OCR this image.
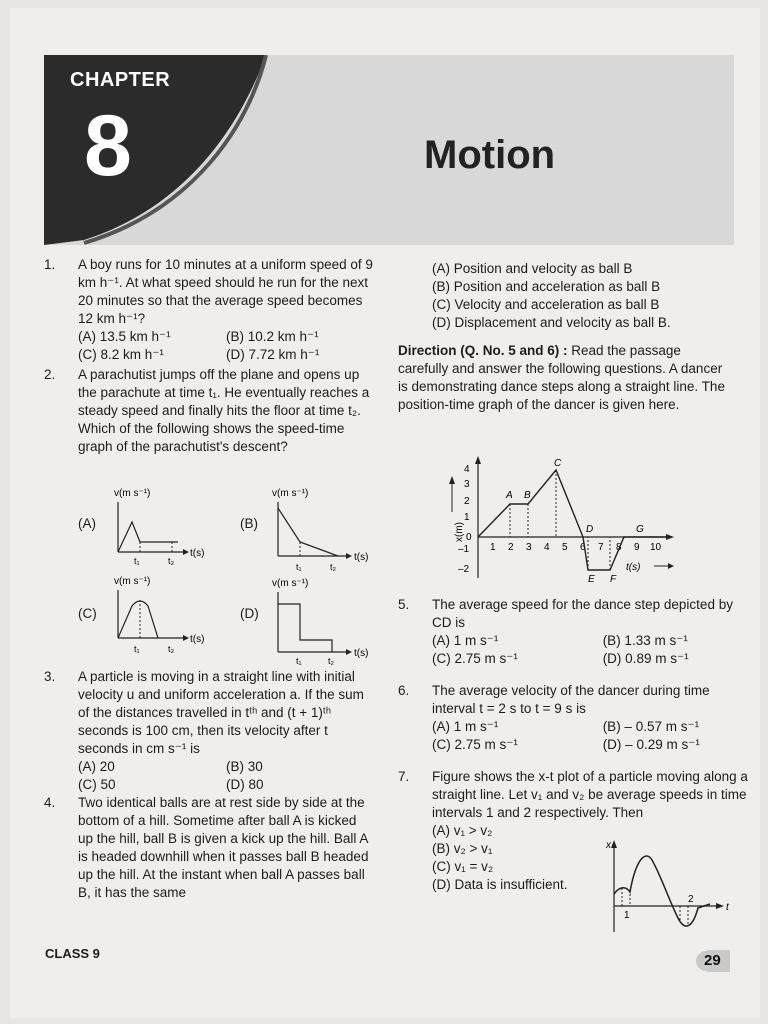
CHAPTER
8	Motion
1. A boy runs for 10 minutes at a uniform speed of 9 km h⁻¹. At what speed should he run for the next 20 minutes so that the average speed becomes 12 km h⁻¹?
(A) 13.5 km h⁻¹	(B) 10.2 km h⁻¹
(C) 8.2 km h⁻¹	(D) 7.72 km h⁻¹
2. A parachutist jumps off the plane and opens up the parachute at time t₁. He eventually reaches a steady speed and finally hits the floor at time t₂. Which of the following shows the speed-time graph of the parachutist's descent?
(A)	(B)
(C)	(D)
v(m s⁻¹)
t(s)
t₁	t₂
v(m s⁻¹)
t(s)
t₁	t₂
v(m s⁻¹)
t(s)
t₁	t₂
v(m s⁻¹)
t(s)
t₁	t₂
3. A particle is moving in a straight line with initial velocity u and uniform acceleration a. If the sum of the distances travelled in tᵗʰ and (t + 1)ᵗʰ seconds is 100 cm, then its velocity after t seconds in cm s⁻¹ is
(A) 20	(B) 30
(C) 50	(D) 80
4. Two identical balls are at rest side by side at the bottom of a hill. Sometime after ball A is kicked up the hill, ball B is given a kick up the hill. Ball A is headed downhill when it passes ball B headed up the hill. At the instant when ball A passes ball B, it has the same
(A) Position and velocity as ball B
(B) Position and acceleration as ball B
(C) Velocity and acceleration as ball B
(D) Displacement and velocity as ball B.
Direction (Q. No. 5 and 6) : Read the passage carefully and answer the following questions. A dancer is demonstrating dance steps along a straight line. The position-time graph of the dancer is given here.
x(m)
4
3
2
1
0
–1
–2
1 2 3 4 5 6 7 8 9 10
A B
C
D
E F
G
t(s)
5. The average speed for the dance step depicted by CD is
(A) 1 m s⁻¹	(B) 1.33 m s⁻¹
(C) 2.75 m s⁻¹	(D) 0.89 m s⁻¹
6. The average velocity of the dancer during time interval t = 2 s to t = 9 s is
(A) 1 m s⁻¹	(B) – 0.57 m s⁻¹
(C) 2.75 m s⁻¹	(D) – 0.29 m s⁻¹
7. Figure shows the x-t plot of a particle moving along a straight line. Let v₁ and v₂ be average speeds in time intervals 1 and 2 respectively. Then
(A) v₁ > v₂
(B) v₂ > v₁
(C) v₁ = v₂
(D) Data is insufficient.
x
t
1
2
CLASS 9	29
